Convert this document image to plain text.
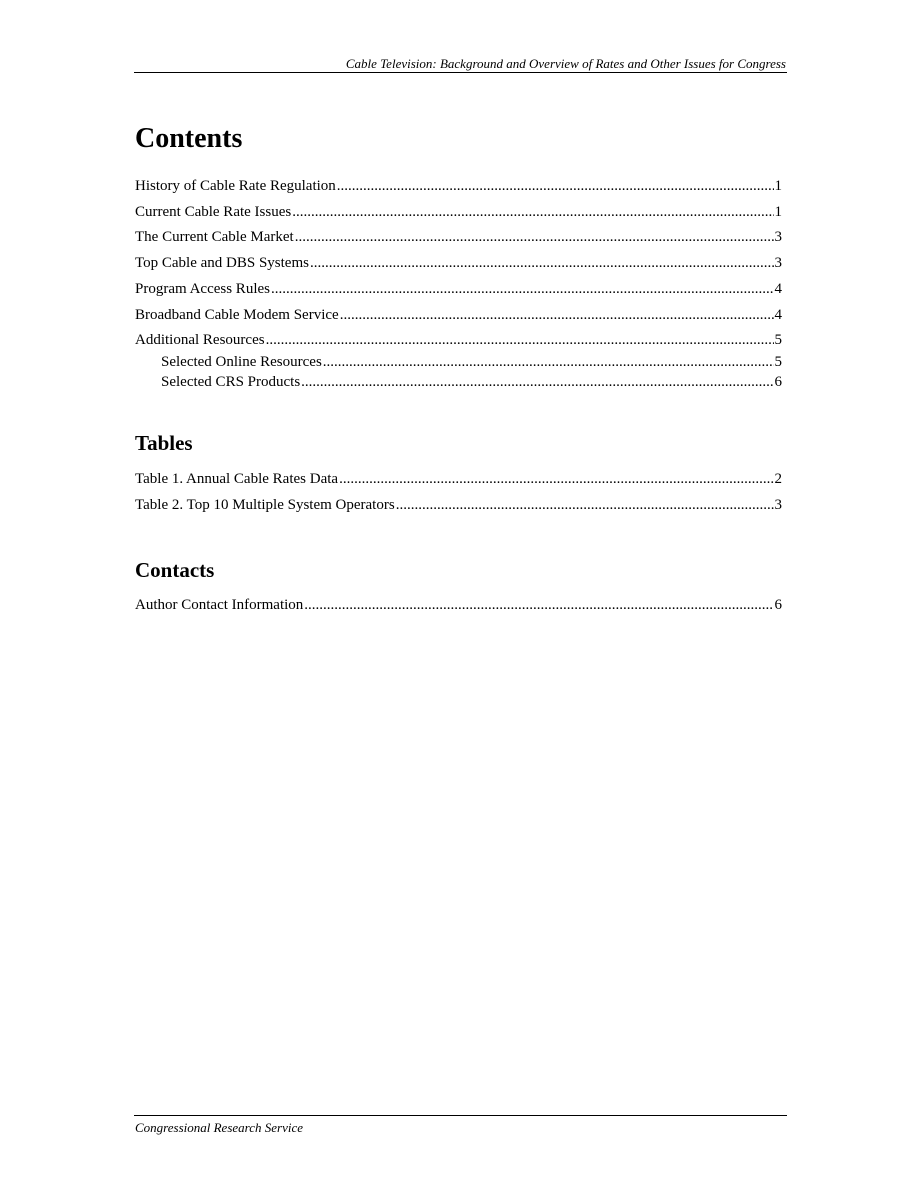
Cable Television: Background and Overview of Rates and Other Issues for Congress
Contents
History of Cable Rate Regulation .....	1
Current Cable Rate Issues .....	1
The Current Cable Market .....	3
Top Cable and DBS Systems .....	3
Program Access Rules .....	4
Broadband Cable Modem Service .....	4
Additional Resources .....	5
Selected Online Resources .....	5
Selected CRS Products .....	6
Tables
Table 1. Annual Cable Rates Data .....	2
Table 2. Top 10 Multiple System Operators .....	3
Contacts
Author Contact Information .....	6
Congressional Research Service
